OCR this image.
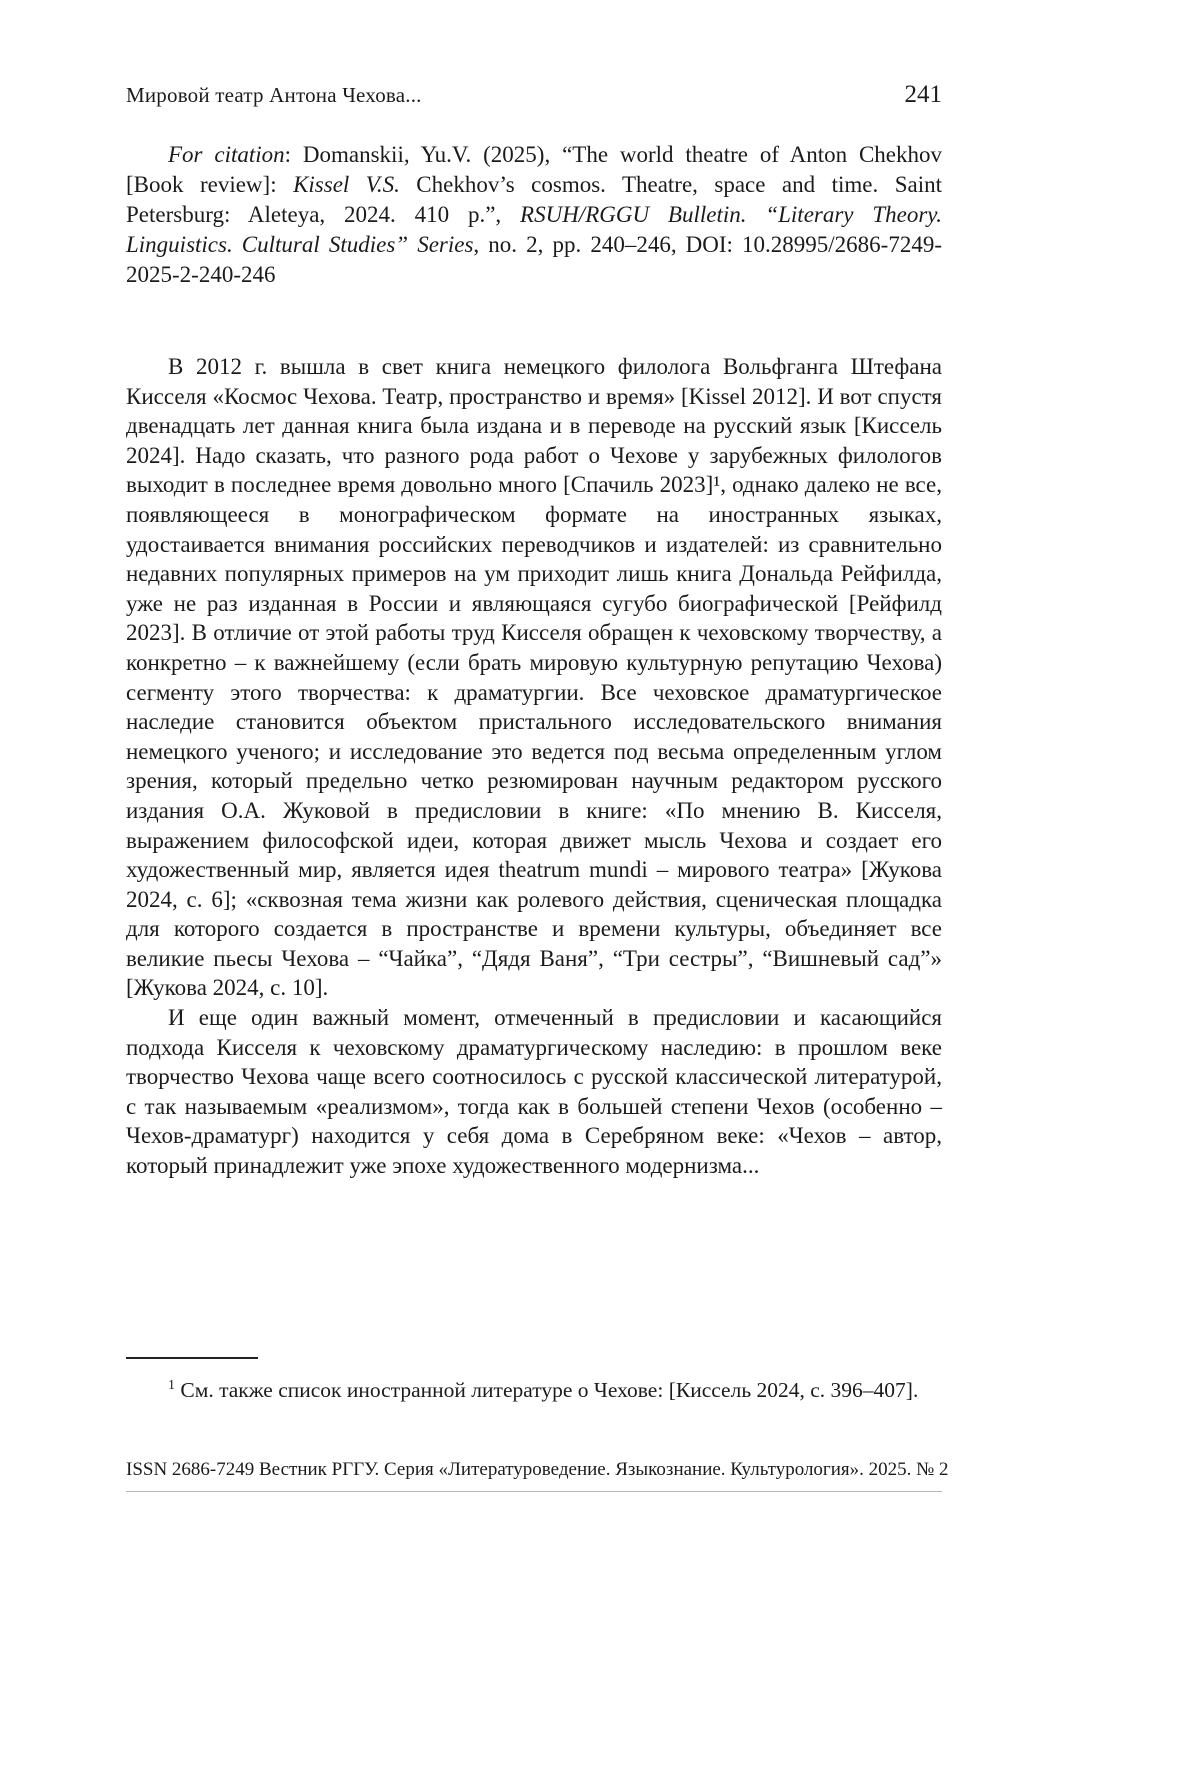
Мировой театр Антона Чехова...	241

For citation: Domanskii, Yu.V. (2025), “The world theatre of Anton Chekhov [Book review]: Kissel V.S. Chekhov’s cosmos. Theatre, space and time. Saint Petersburg: Aleteya, 2024. 410 p.”, RSUH/RGGU Bulletin. “Literary Theory. Linguistics. Cultural Studies” Series, no. 2, pp. 240–246, DOI: 10.28995/2686-7249-2025-2-240-246

В 2012 г. вышла в свет книга немецкого филолога Вольфганга Штефана Кисселя «Космос Чехова. Театр, пространство и время» [Kissel 2012]. И вот спустя двенадцать лет данная книга была издана и в переводе на русский язык [Киссель 2024]. Надо сказать, что разного рода работ о Чехове у зарубежных филологов выходит в последнее время довольно много [Спачиль 2023]¹, однако далеко не все, появляющееся в монографическом формате на иностранных языках, удостаивается внимания российских переводчиков и издателей: из сравнительно недавних популярных примеров на ум приходит лишь книга Дональда Рейфилда, уже не раз изданная в России и являющаяся сугубо биографической [Рейфилд 2023]. В отличие от этой работы труд Кисселя обращен к чеховскому творчеству, а конкретно – к важнейшему (если брать мировую культурную репутацию Чехова) сегменту этого творчества: к драматургии. Все чеховское драматургическое наследие становится объектом пристального исследовательского внимания немецкого ученого; и исследование это ведется под весьма определенным углом зрения, который предельно четко резюмирован научным редактором русского издания О.А. Жуковой в предисловии в книге: «По мнению В. Кисселя, выражением философской идеи, которая движет мысль Чехова и создает его художественный мир, является идея theatrum mundi – мирового театра» [Жукова 2024, с. 6]; «сквозная тема жизни как ролевого действия, сценическая площадка для которого создается в пространстве и времени культуры, объединяет все великие пьесы Чехова – “Чайка”, “Дядя Ваня”, “Три сестры”, “Вишневый сад”» [Жукова 2024, с. 10].

И еще один важный момент, отмеченный в предисловии и касающийся подхода Кисселя к чеховскому драматургическому наследию: в прошлом веке творчество Чехова чаще всего соотносилось с русской классической литературой, с так называемым «реализмом», тогда как в большей степени Чехов (особенно – Чехов-драматург) находится у себя дома в Серебряном веке: «Чехов – автор, который принадлежит уже эпохе художественного модернизма...

$^1$ См. также список иностранной литературе о Чехове: [Киссель 2024, с. 396–407].

ISSN 2686-7249 Вестник РГГУ. Серия «Литературоведение. Языкознание. Культурология». 2025. № 2
